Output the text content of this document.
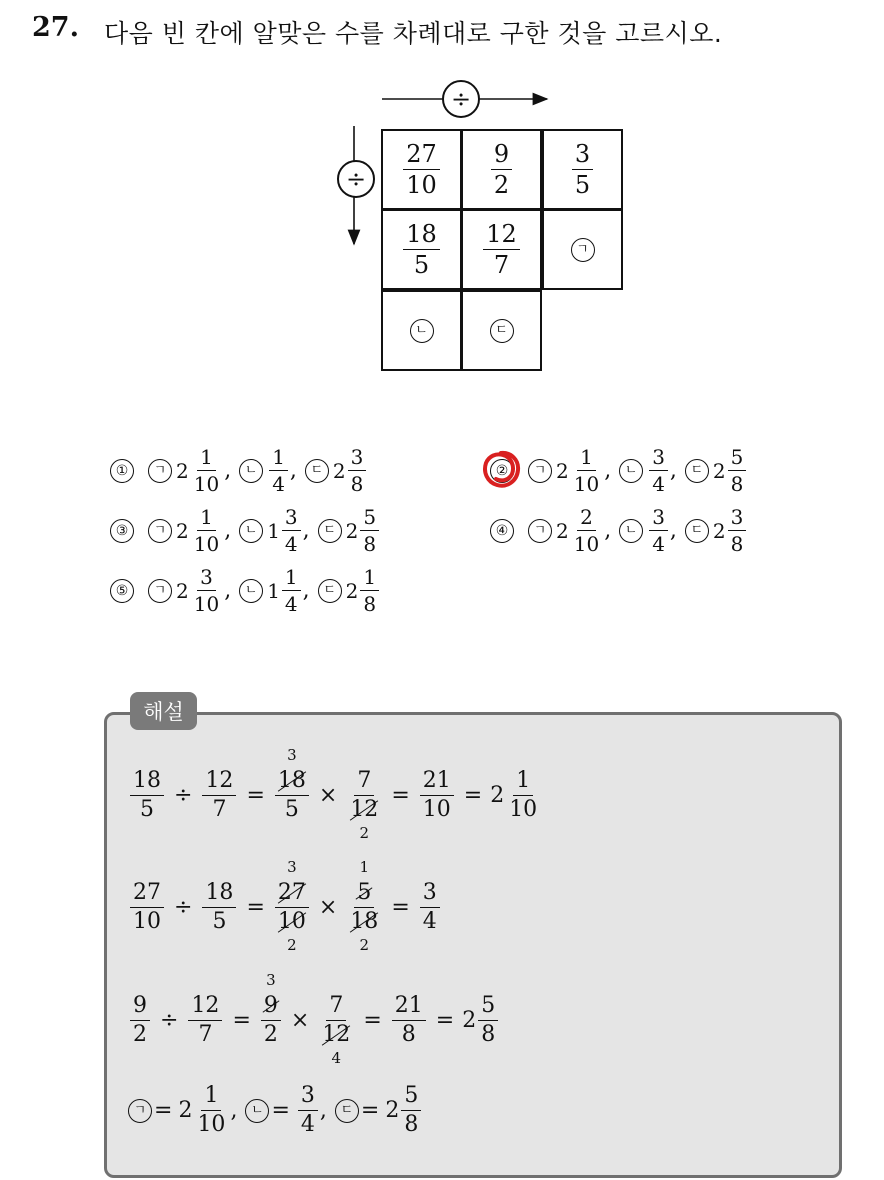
27. 다음 빈 칸에 알맞은 수를 차례대로 구한 것을 고르시오.
÷
÷	$\frac{27}{10} \frac{9}{2} \frac{3}{5}$
$\frac{18}{5} \frac{12}{7}$	ㄱ
ㄴ	ㄷ
①	ㄱ $2 \frac{1}{10}$ ,	ㄴ $\frac{1}{4}$ ,	ㄷ $2 \frac{3}{8}$	②	ㄱ $2 \frac{1}{10}$ ,	ㄴ $\frac{3}{4}$ ,	ㄷ $2 \frac{5}{8}$
③	ㄱ $2 \frac{1}{10}$ ,	ㄴ $1 \frac{3}{4}$ ,	ㄷ $2 \frac{5}{8}$	④	ㄱ $2 \frac{2}{10}$ ,	ㄴ $\frac{3}{4}$ ,	ㄷ $2 \frac{3}{8}$
⑤	ㄱ $2 \frac{3}{10}$ ,	ㄴ $1 \frac{1}{4}$ ,	ㄷ $2 \frac{1}{8}$
해설
$\frac{18}{5} \div \frac{12}{7} = 3$
18
5 × 7
12
$2 = \frac{21}{10} = 2 \frac{1}{10}$
$\frac{27}{10} \div \frac{18}{5} = 3$
27
10
2 × 1
5
18
$2 = \frac{3}{4}$
$\frac{9}{2} \div \frac{12}{7} = 3$
9
2 × 7
12
$4 = \frac{21}{8} = 2 \frac{5}{8}$
ㄱ = $2 \frac{1}{10}$ ,	ㄴ = $\frac{3}{4}$ ,	ㄷ = $2 \frac{5}{8}$
